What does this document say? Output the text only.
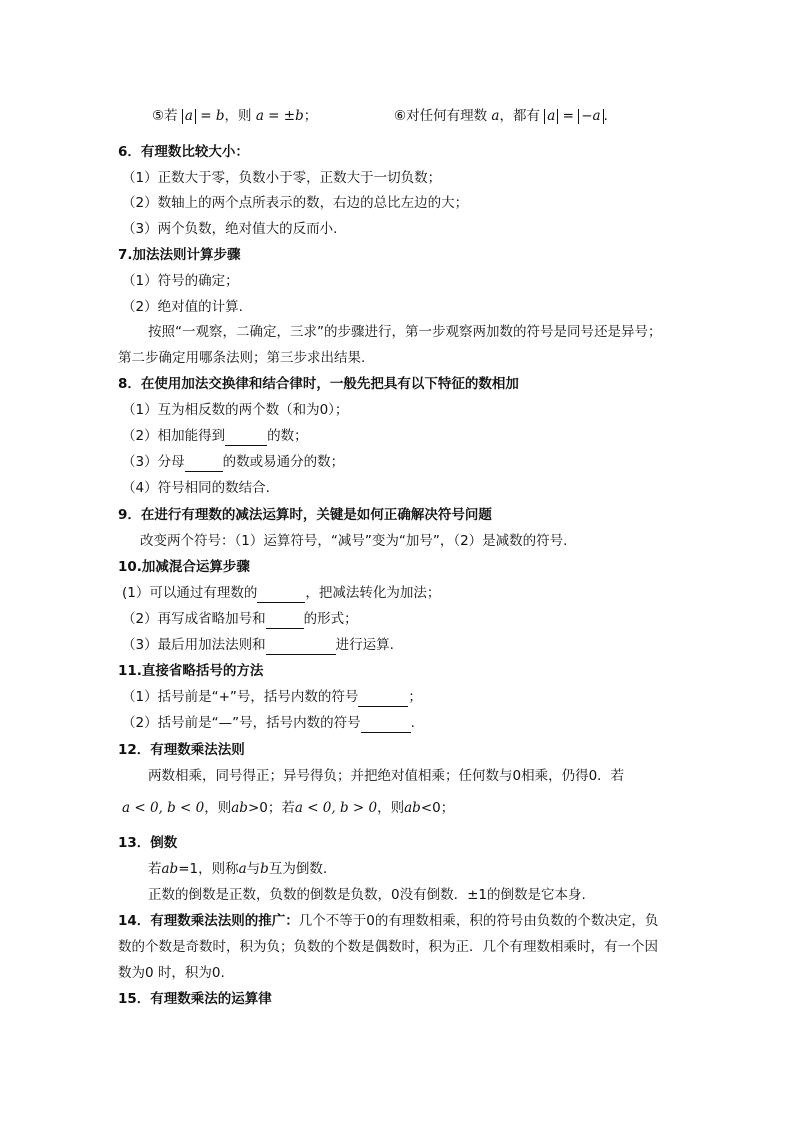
⑤若 a = b，则 a = ±b；	⑥对任何有理数 a，都有 a = −a .
6．有理数比较大小：
（1）正数大于零，负数小于零，正数大于一切负数；
（2）数轴上的两个点所表示的数，右边的总比左边的大；
（3）两个负数，绝对值大的反而小.
7.加法法则计算步骤
（1）符号的确定；
（2）绝对值的计算.
按照“一观察，二确定，三求”的步骤进行，第一步观察两加数的符号是同号还是异号；
第二步确定用哪条法则；第三步求出结果.
8．在使用加法交换律和结合律时，一般先把具有以下特征的数相加
（1）互为相反数的两个数（和为0）；
（2）相加能得到	的数；
（3）分母	的数或易通分的数；
（4）符号相同的数结合.
9．在进行有理数的减法运算时，关键是如何正确解决符号问题
改变两个符号：（1）运算符号，“减号”变为“加号”，（2）是减数的符号.
10.加减混合运算步骤
(1）可以通过有理数的	，把减法转化为加法；
（2）再写成省略加号和	的形式；
（3）最后用加法法则和	进行运算.
11.直接省略括号的方法
（1）括号前是“+”号，括号内数的符号	；
（2）括号前是“—”号，括号内数的符号	.
12．有理数乘法法则
两数相乘，同号得正；异号得负；并把绝对值相乘；任何数与0相乘，仍得0．若
a < 0, b < 0，则ab>0；若a < 0, b > 0，则ab<0；
13．倒数
若ab=1，则称a与b互为倒数.
正数的倒数是正数，负数的倒数是负数，0没有倒数．±1的倒数是它本身.
14．有理数乘法法则的推广：几个不等于0的有理数相乘，积的符号由负数的个数决定，负
数的个数是奇数时，积为负；负数的个数是偶数时，积为正．几个有理数相乘时，有一个因
数为0 时，积为0.
15．有理数乘法的运算律
